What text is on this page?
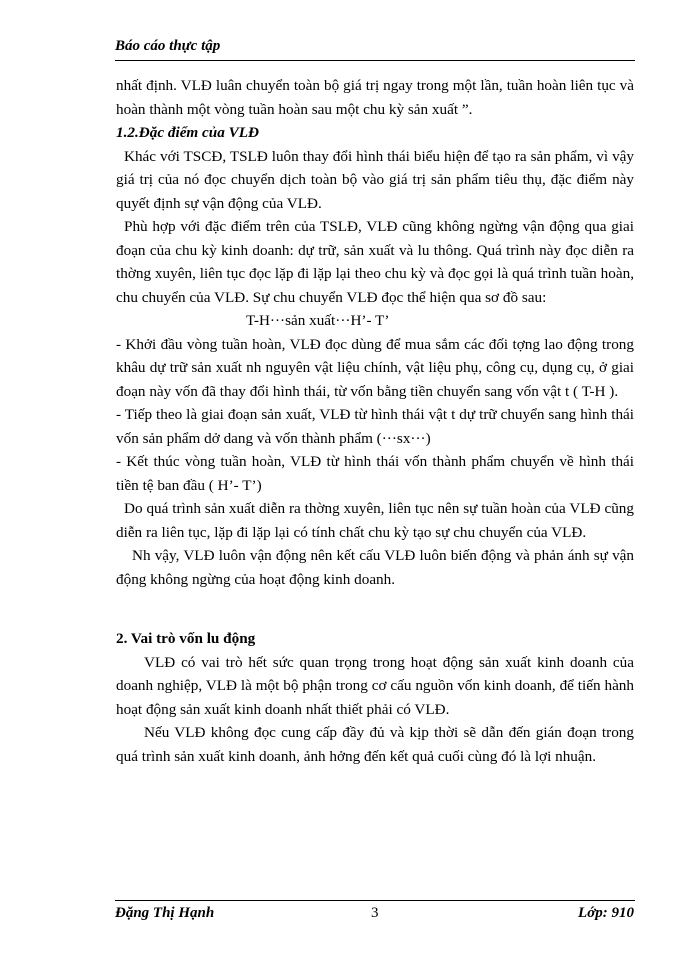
Báo cáo thực tập

nhất định. VLĐ luân chuyển toàn bộ giá trị ngay trong một lần, tuần hoàn liên tục và hoàn thành một vòng tuần hoàn sau một chu kỳ sản xuất ”.

1.2.Đặc điểm của VLĐ

Khác với TSCĐ, TSLĐ luôn thay đổi hình thái biểu hiện để tạo ra sản phẩm, vì vậy giá trị của nó đọc chuyển dịch toàn bộ vào giá trị sản phẩm tiêu thụ, đặc điểm này quyết định sự vận động của VLĐ.

Phù hợp với đặc điểm trên của TSLĐ, VLĐ cũng không ngừng vận động qua giai đoạn của chu kỳ kinh doanh: dự trữ, sản xuất và lu thông. Quá trình này đọc diễn ra thờng xuyên, liên tục đọc lặp đi lặp lại theo chu kỳ và đọc gọi là quá trình tuần hoàn, chu chuyển của VLĐ. Sự chu chuyển VLĐ đọc thể hiện qua sơ đồ sau:

T-H···sản xuất···H’- T’

- Khởi đầu vòng tuần hoàn, VLĐ đọc dùng để mua sắm các đối tợng lao động trong khâu dự trữ sản xuất nh nguyên vật liệu chính, vật liệu phụ, công cụ, dụng cụ, ở giai đoạn này vốn đã thay đổi hình thái, từ vốn bằng tiền chuyển sang vốn vật t ( T-H ).

- Tiếp theo là giai đoạn sản xuất, VLĐ từ hình thái vật t dự trữ chuyển sang hình thái vốn sản phẩm dở dang và vốn thành phẩm (···sx···)

- Kết thúc vòng tuần hoàn, VLĐ từ hình thái vốn thành phẩm chuyển về hình thái tiền tệ ban đầu ( H’- T’)

Do quá trình sản xuất diễn ra thờng xuyên, liên tục nên sự tuần hoàn của VLĐ cũng diễn ra liên tục, lặp đi lặp lại có tính chất chu kỳ tạo sự chu chuyển của VLĐ.

Nh vậy, VLĐ luôn vận động nên kết cấu VLĐ luôn biến động và phản ánh sự vận động không ngừng của hoạt động kinh doanh.

2. Vai trò vốn lu động

VLĐ có vai trò hết sức quan trọng trong hoạt động sản xuất kinh doanh của doanh nghiệp, VLĐ là một bộ phận trong cơ cấu nguồn vốn kinh doanh, để tiến hành hoạt động sản xuất kinh doanh nhất thiết phải có VLĐ.

Nếu VLĐ không đọc cung cấp đầy đủ và kịp thời sẽ dẫn đến gián đoạn trong quá trình sản xuất kinh doanh, ảnh hởng đến kết quả cuối cùng đó là lợi nhuận.

Đặng Thị Hạnh	3	Lớp: 910
